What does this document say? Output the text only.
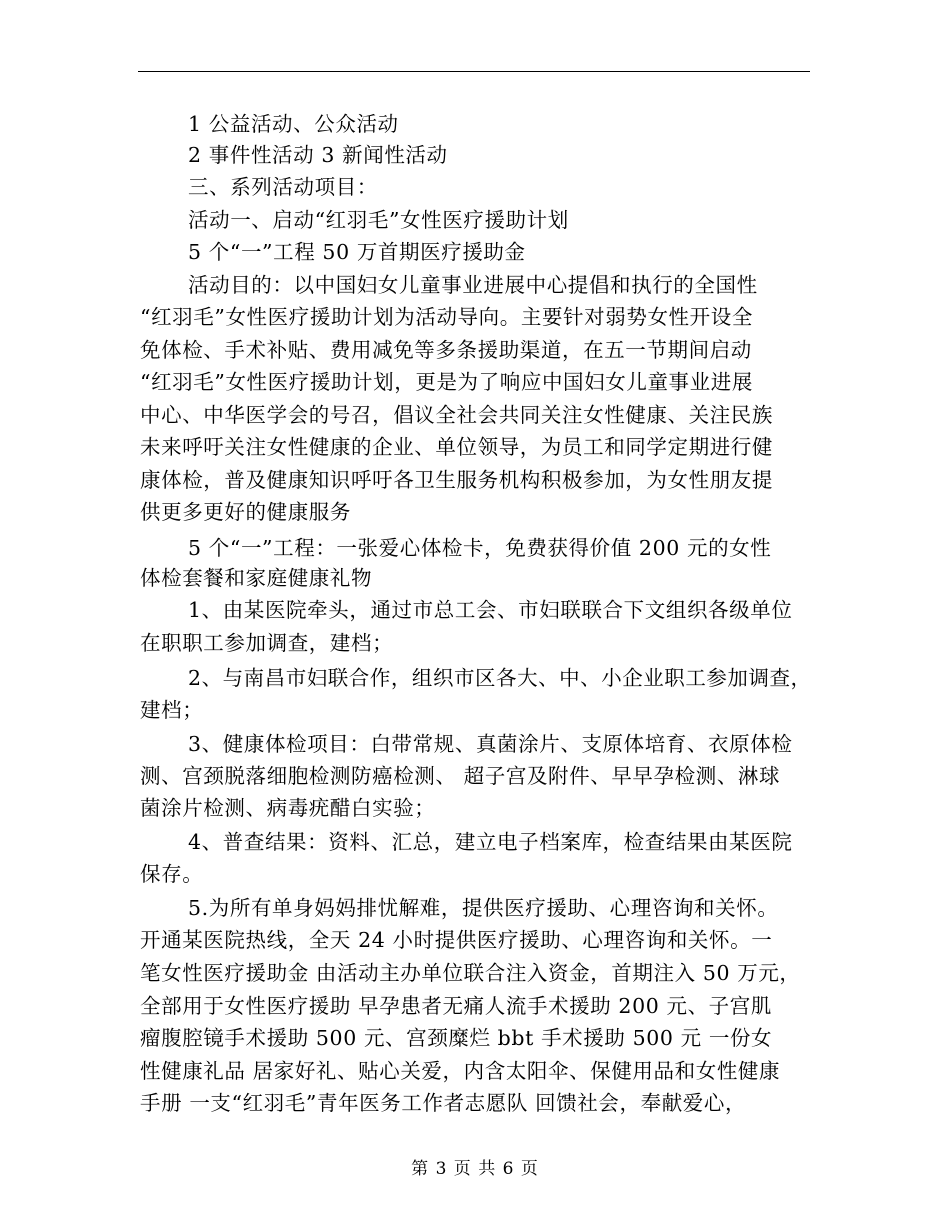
1 公益活动、公众活动
2 事件性活动 3 新闻性活动
三、系列活动项目：
活动一、启动“红羽毛”女性医疗援助计划
5 个“一”工程 50 万首期医疗援助金
活动目的：以中国妇女儿童事业进展中心提倡和执行的全国性
“红羽毛”女性医疗援助计划为活动导向。主要针对弱势女性开设全
免体检、手术补贴、费用减免等多条援助渠道，在五一节期间启动
“红羽毛”女性医疗援助计划，更是为了响应中国妇女儿童事业进展
中心、中华医学会的号召，倡议全社会共同关注女性健康、关注民族
未来呼吁关注女性健康的企业、单位领导，为员工和同学定期进行健
康体检，普及健康知识呼吁各卫生服务机构积极参加，为女性朋友提
供更多更好的健康服务
5 个“一”工程：一张爱心体检卡，免费获得价值 200 元的女性
体检套餐和家庭健康礼物
1、由某医院牵头，通过市总工会、市妇联联合下文组织各级单位
在职职工参加调查，建档；
2、与南昌市妇联合作，组织市区各大、中、小企业职工参加调查，
建档；
3、健康体检项目：白带常规、真菌涂片、支原体培育、衣原体检
测、宫颈脱落细胞检测防癌检测、 超子宫及附件、早早孕检测、淋球
菌涂片检测、病毒疣醋白实验；
4、普查结果：资料、汇总，建立电子档案库，检查结果由某医院
保存。
5.为所有单身妈妈排忧解难，提供医疗援助、心理咨询和关怀。
开通某医院热线，全天 24 小时提供医疗援助、心理咨询和关怀。一
笔女性医疗援助金 由活动主办单位联合注入资金，首期注入 50 万元，
全部用于女性医疗援助 早孕患者无痛人流手术援助 200 元、子宫肌
瘤腹腔镜手术援助 500 元、宫颈糜烂 bbt 手术援助 500 元 一份女
性健康礼品 居家好礼、贴心关爱，内含太阳伞、保健用品和女性健康
手册 一支“红羽毛”青年医务工作者志愿队 回馈社会，奉献爱心，
第 3 页 共 6 页
